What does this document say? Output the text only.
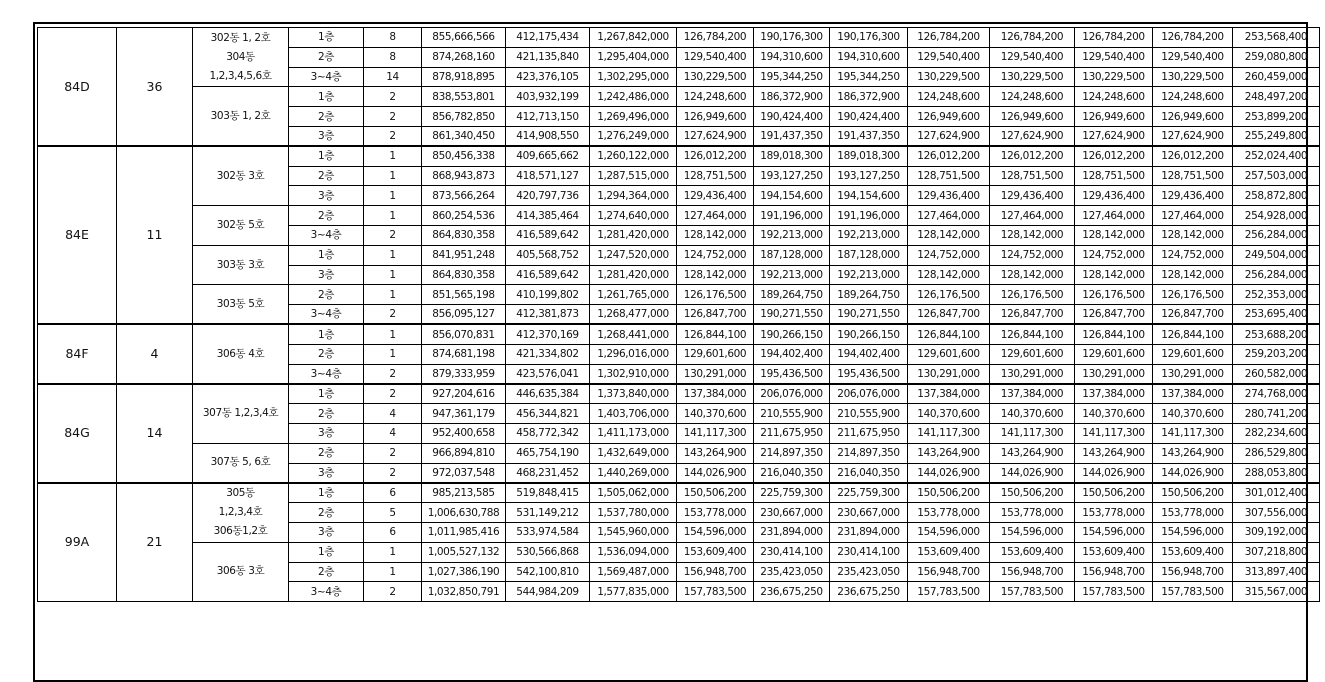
84D	36	302동 1, 2호
304동
1,2,3,4,5,6호	1층	8	855,666,566	412,175,434	1,267,842,000	126,784,200	190,176,300	190,176,300	126,784,200	126,784,200	126,784,200	126,784,200	253,568,400
			2층	8	874,268,160	421,135,840	1,295,404,000	129,540,400	194,310,600	194,310,600	129,540,400	129,540,400	129,540,400	129,540,400	259,080,800
			3~4층	14	878,918,895	423,376,105	1,302,295,000	130,229,500	195,344,250	195,344,250	130,229,500	130,229,500	130,229,500	130,229,500	260,459,000
		303동 1, 2호	1층	2	838,553,801	403,932,199	1,242,486,000	124,248,600	186,372,900	186,372,900	124,248,600	124,248,600	124,248,600	124,248,600	248,497,200
			2층	2	856,782,850	412,713,150	1,269,496,000	126,949,600	190,424,400	190,424,400	126,949,600	126,949,600	126,949,600	126,949,600	253,899,200
			3층	2	861,340,450	414,908,550	1,276,249,000	127,624,900	191,437,350	191,437,350	127,624,900	127,624,900	127,624,900	127,624,900	255,249,800
84E	11	302동 3호	1층	1	850,456,338	409,665,662	1,260,122,000	126,012,200	189,018,300	189,018,300	126,012,200	126,012,200	126,012,200	126,012,200	252,024,400
			2층	1	868,943,873	418,571,127	1,287,515,000	128,751,500	193,127,250	193,127,250	128,751,500	128,751,500	128,751,500	128,751,500	257,503,000
			3층	1	873,566,264	420,797,736	1,294,364,000	129,436,400	194,154,600	194,154,600	129,436,400	129,436,400	129,436,400	129,436,400	258,872,800
		302동 5호	2층	1	860,254,536	414,385,464	1,274,640,000	127,464,000	191,196,000	191,196,000	127,464,000	127,464,000	127,464,000	127,464,000	254,928,000
			3~4층	2	864,830,358	416,589,642	1,281,420,000	128,142,000	192,213,000	192,213,000	128,142,000	128,142,000	128,142,000	128,142,000	256,284,000
		303동 3호	1층	1	841,951,248	405,568,752	1,247,520,000	124,752,000	187,128,000	187,128,000	124,752,000	124,752,000	124,752,000	124,752,000	249,504,000
			3층	1	864,830,358	416,589,642	1,281,420,000	128,142,000	192,213,000	192,213,000	128,142,000	128,142,000	128,142,000	128,142,000	256,284,000
		303동 5호	2층	1	851,565,198	410,199,802	1,261,765,000	126,176,500	189,264,750	189,264,750	126,176,500	126,176,500	126,176,500	126,176,500	252,353,000
			3~4층	2	856,095,127	412,381,873	1,268,477,000	126,847,700	190,271,550	190,271,550	126,847,700	126,847,700	126,847,700	126,847,700	253,695,400
84F	4	306동 4호	1층	1	856,070,831	412,370,169	1,268,441,000	126,844,100	190,266,150	190,266,150	126,844,100	126,844,100	126,844,100	126,844,100	253,688,200
			2층	1	874,681,198	421,334,802	1,296,016,000	129,601,600	194,402,400	194,402,400	129,601,600	129,601,600	129,601,600	129,601,600	259,203,200
			3~4층	2	879,333,959	423,576,041	1,302,910,000	130,291,000	195,436,500	195,436,500	130,291,000	130,291,000	130,291,000	130,291,000	260,582,000
84G	14	307동 1,2,3,4호	1층	2	927,204,616	446,635,384	1,373,840,000	137,384,000	206,076,000	206,076,000	137,384,000	137,384,000	137,384,000	137,384,000	274,768,000
			2층	4	947,361,179	456,344,821	1,403,706,000	140,370,600	210,555,900	210,555,900	140,370,600	140,370,600	140,370,600	140,370,600	280,741,200
			3층	4	952,400,658	458,772,342	1,411,173,000	141,117,300	211,675,950	211,675,950	141,117,300	141,117,300	141,117,300	141,117,300	282,234,600
		307동 5, 6호	2층	2	966,894,810	465,754,190	1,432,649,000	143,264,900	214,897,350	214,897,350	143,264,900	143,264,900	143,264,900	143,264,900	286,529,800
			3층	2	972,037,548	468,231,452	1,440,269,000	144,026,900	216,040,350	216,040,350	144,026,900	144,026,900	144,026,900	144,026,900	288,053,800
99A	21	305동
1,2,3,4호
306동1,2호	1층	6	985,213,585	519,848,415	1,505,062,000	150,506,200	225,759,300	225,759,300	150,506,200	150,506,200	150,506,200	150,506,200	301,012,400
			2층	5	1,006,630,788	531,149,212	1,537,780,000	153,778,000	230,667,000	230,667,000	153,778,000	153,778,000	153,778,000	153,778,000	307,556,000
			3층	6	1,011,985,416	533,974,584	1,545,960,000	154,596,000	231,894,000	231,894,000	154,596,000	154,596,000	154,596,000	154,596,000	309,192,000
		306동 3호	1층	1	1,005,527,132	530,566,868	1,536,094,000	153,609,400	230,414,100	230,414,100	153,609,400	153,609,400	153,609,400	153,609,400	307,218,800
			2층	1	1,027,386,190	542,100,810	1,569,487,000	156,948,700	235,423,050	235,423,050	156,948,700	156,948,700	156,948,700	156,948,700	313,897,400
			3~4층	2	1,032,850,791	544,984,209	1,577,835,000	157,783,500	236,675,250	236,675,250	157,783,500	157,783,500	157,783,500	157,783,500	315,567,000
